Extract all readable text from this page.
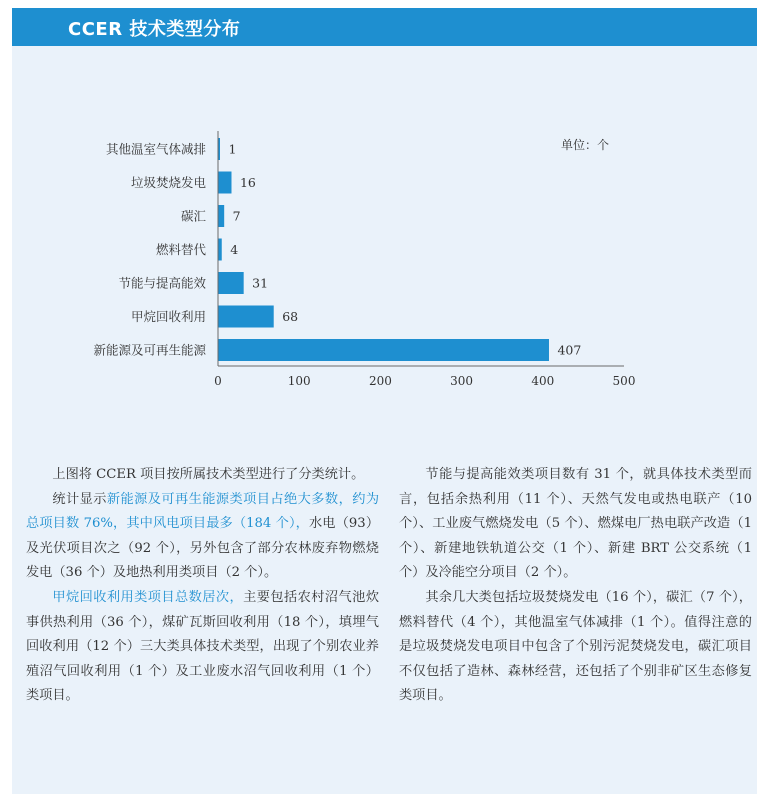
CCER 技术类型分布
0	100	200	300	400	500
其他温室气体减排 1
垃圾焚烧发电	16
碳汇 7
燃料替代 4
节能与提高能效	31
甲烷回收利用	68
新能源及可再生能源	407
单位：个

上图将 CCER 项目按所属技术类型进行了分类统计。

统计显示新能源及可再生能源类项目占绝大多数，约为总项目数 76%，其中风电项目最多（184 个），水电（93）及光伏项目次之（92 个），另外包含了部分农林废弃物燃烧发电（36 个）及地热利用类项目（2 个）。

甲烷回收利用类项目总数居次，主要包括农村沼气池炊事供热利用（36 个），煤矿瓦斯回收利用（18 个），填埋气回收利用（12 个）三大类具体技术类型，出现了个别农业养殖沼气回收利用（1 个）及工业废水沼气回收利用（1 个）类项目。

节能与提高能效类项目数有 31 个，就具体技术类型而言，包括余热利用（11 个）、天然气发电或热电联产（10 个）、工业废气燃烧发电（5 个）、燃煤电厂热电联产改造（1 个）、新建地铁轨道公交（1 个）、新建 BRT 公交系统（1 个）及冷能空分项目（2 个）。

其余几大类包括垃圾焚烧发电（16 个），碳汇（7 个），燃料替代（4 个），其他温室气体减排（1 个）。值得注意的是垃圾焚烧发电项目中包含了个别污泥焚烧发电，碳汇项目不仅包括了造林、森林经营，还包括了个别非矿区生态修复类项目。
